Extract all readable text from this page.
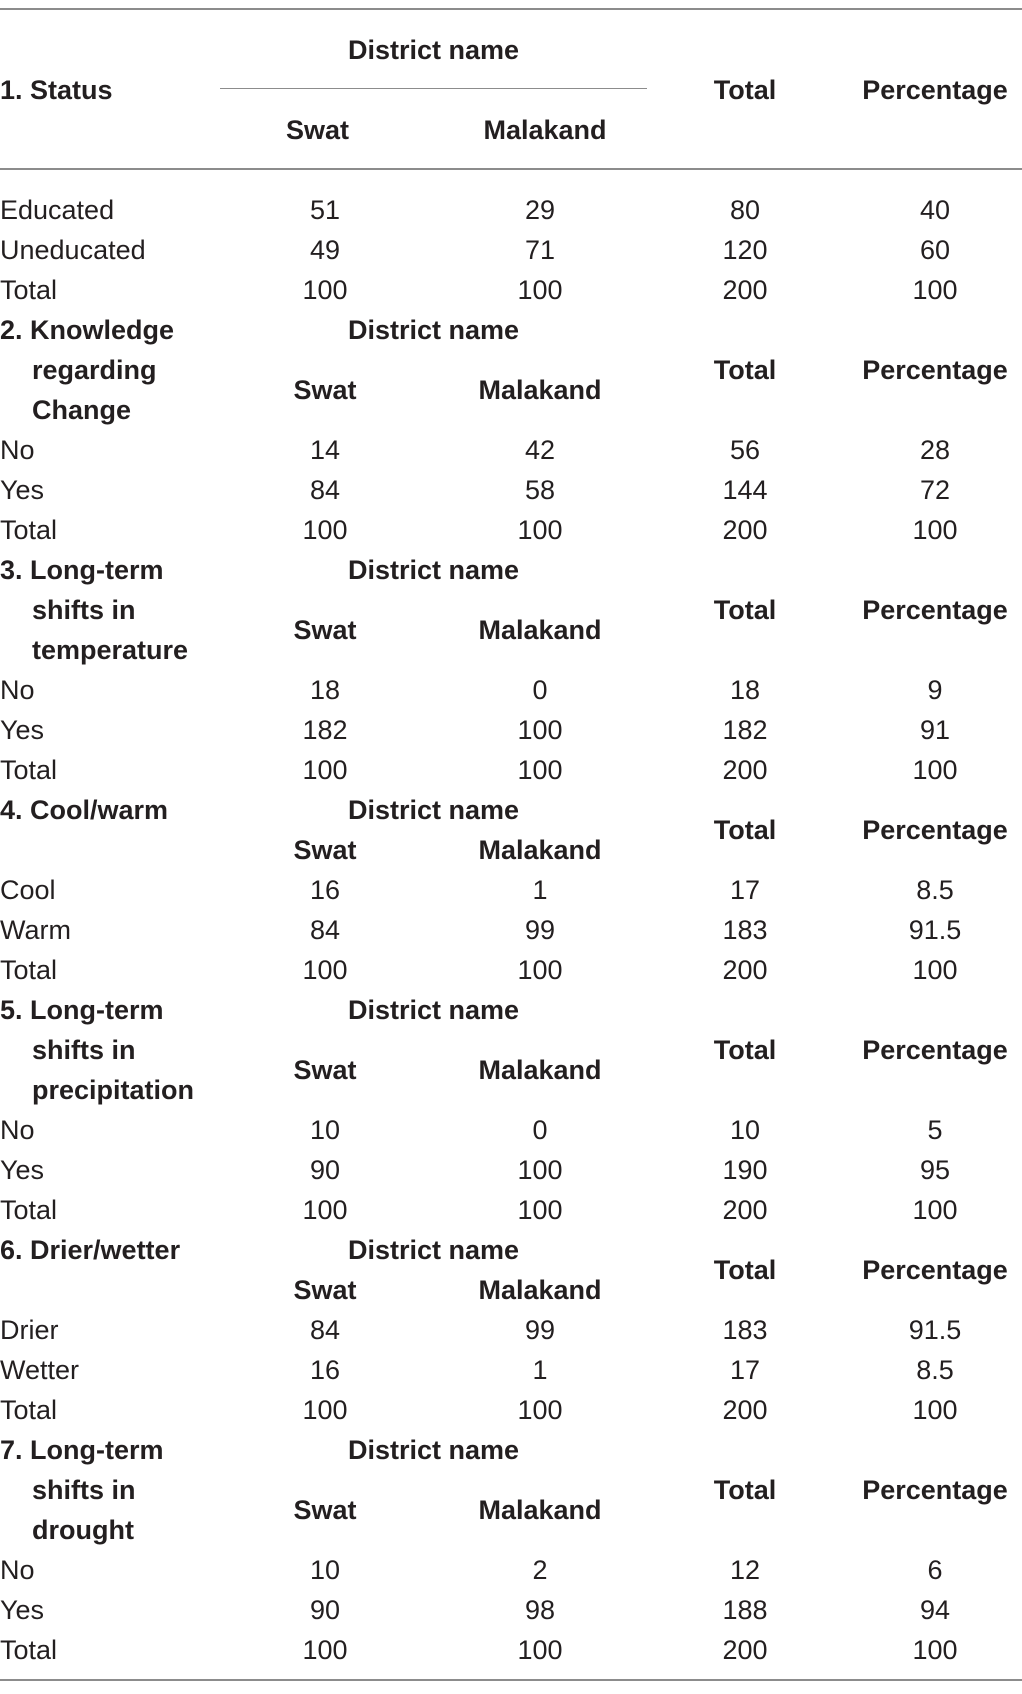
1. Status
District name
Swat	Malakand
Total	Percentage
Educated	51	29	80	40
Uneducated	49	71	120	60
Total	100	100	200	100
2. Knowledge
regarding
Change
District name
Swat	Malakand
Total	Percentage
No	14	42	56	28
Yes	84	58	144	72
Total	100	100	200	100
3. Long-term
shifts in
temperature
District name
Swat	Malakand
Total	Percentage
No	18	0	18	9
Yes	182	100	182	91
Total	100	100	200	100
4. Cool/warm	District name
Swat	Malakand
Total	Percentage
Cool	16	1	17	8.5
Warm	84	99	183	91.5
Total	100	100	200	100
5. Long-term
shifts in
precipitation
District name
Swat	Malakand
Total	Percentage
No	10	0	10	5
Yes	90	100	190	95
Total	100	100	200	100
6. Drier/wetter	District name
Swat	Malakand
Total	Percentage
Drier	84	99	183	91.5
Wetter	16	1	17	8.5
Total	100	100	200	100
7. Long-term
shifts in
drought
District name
Swat	Malakand
Total	Percentage
No	10	2	12	6
Yes	90	98	188	94
Total	100	100	200	100
